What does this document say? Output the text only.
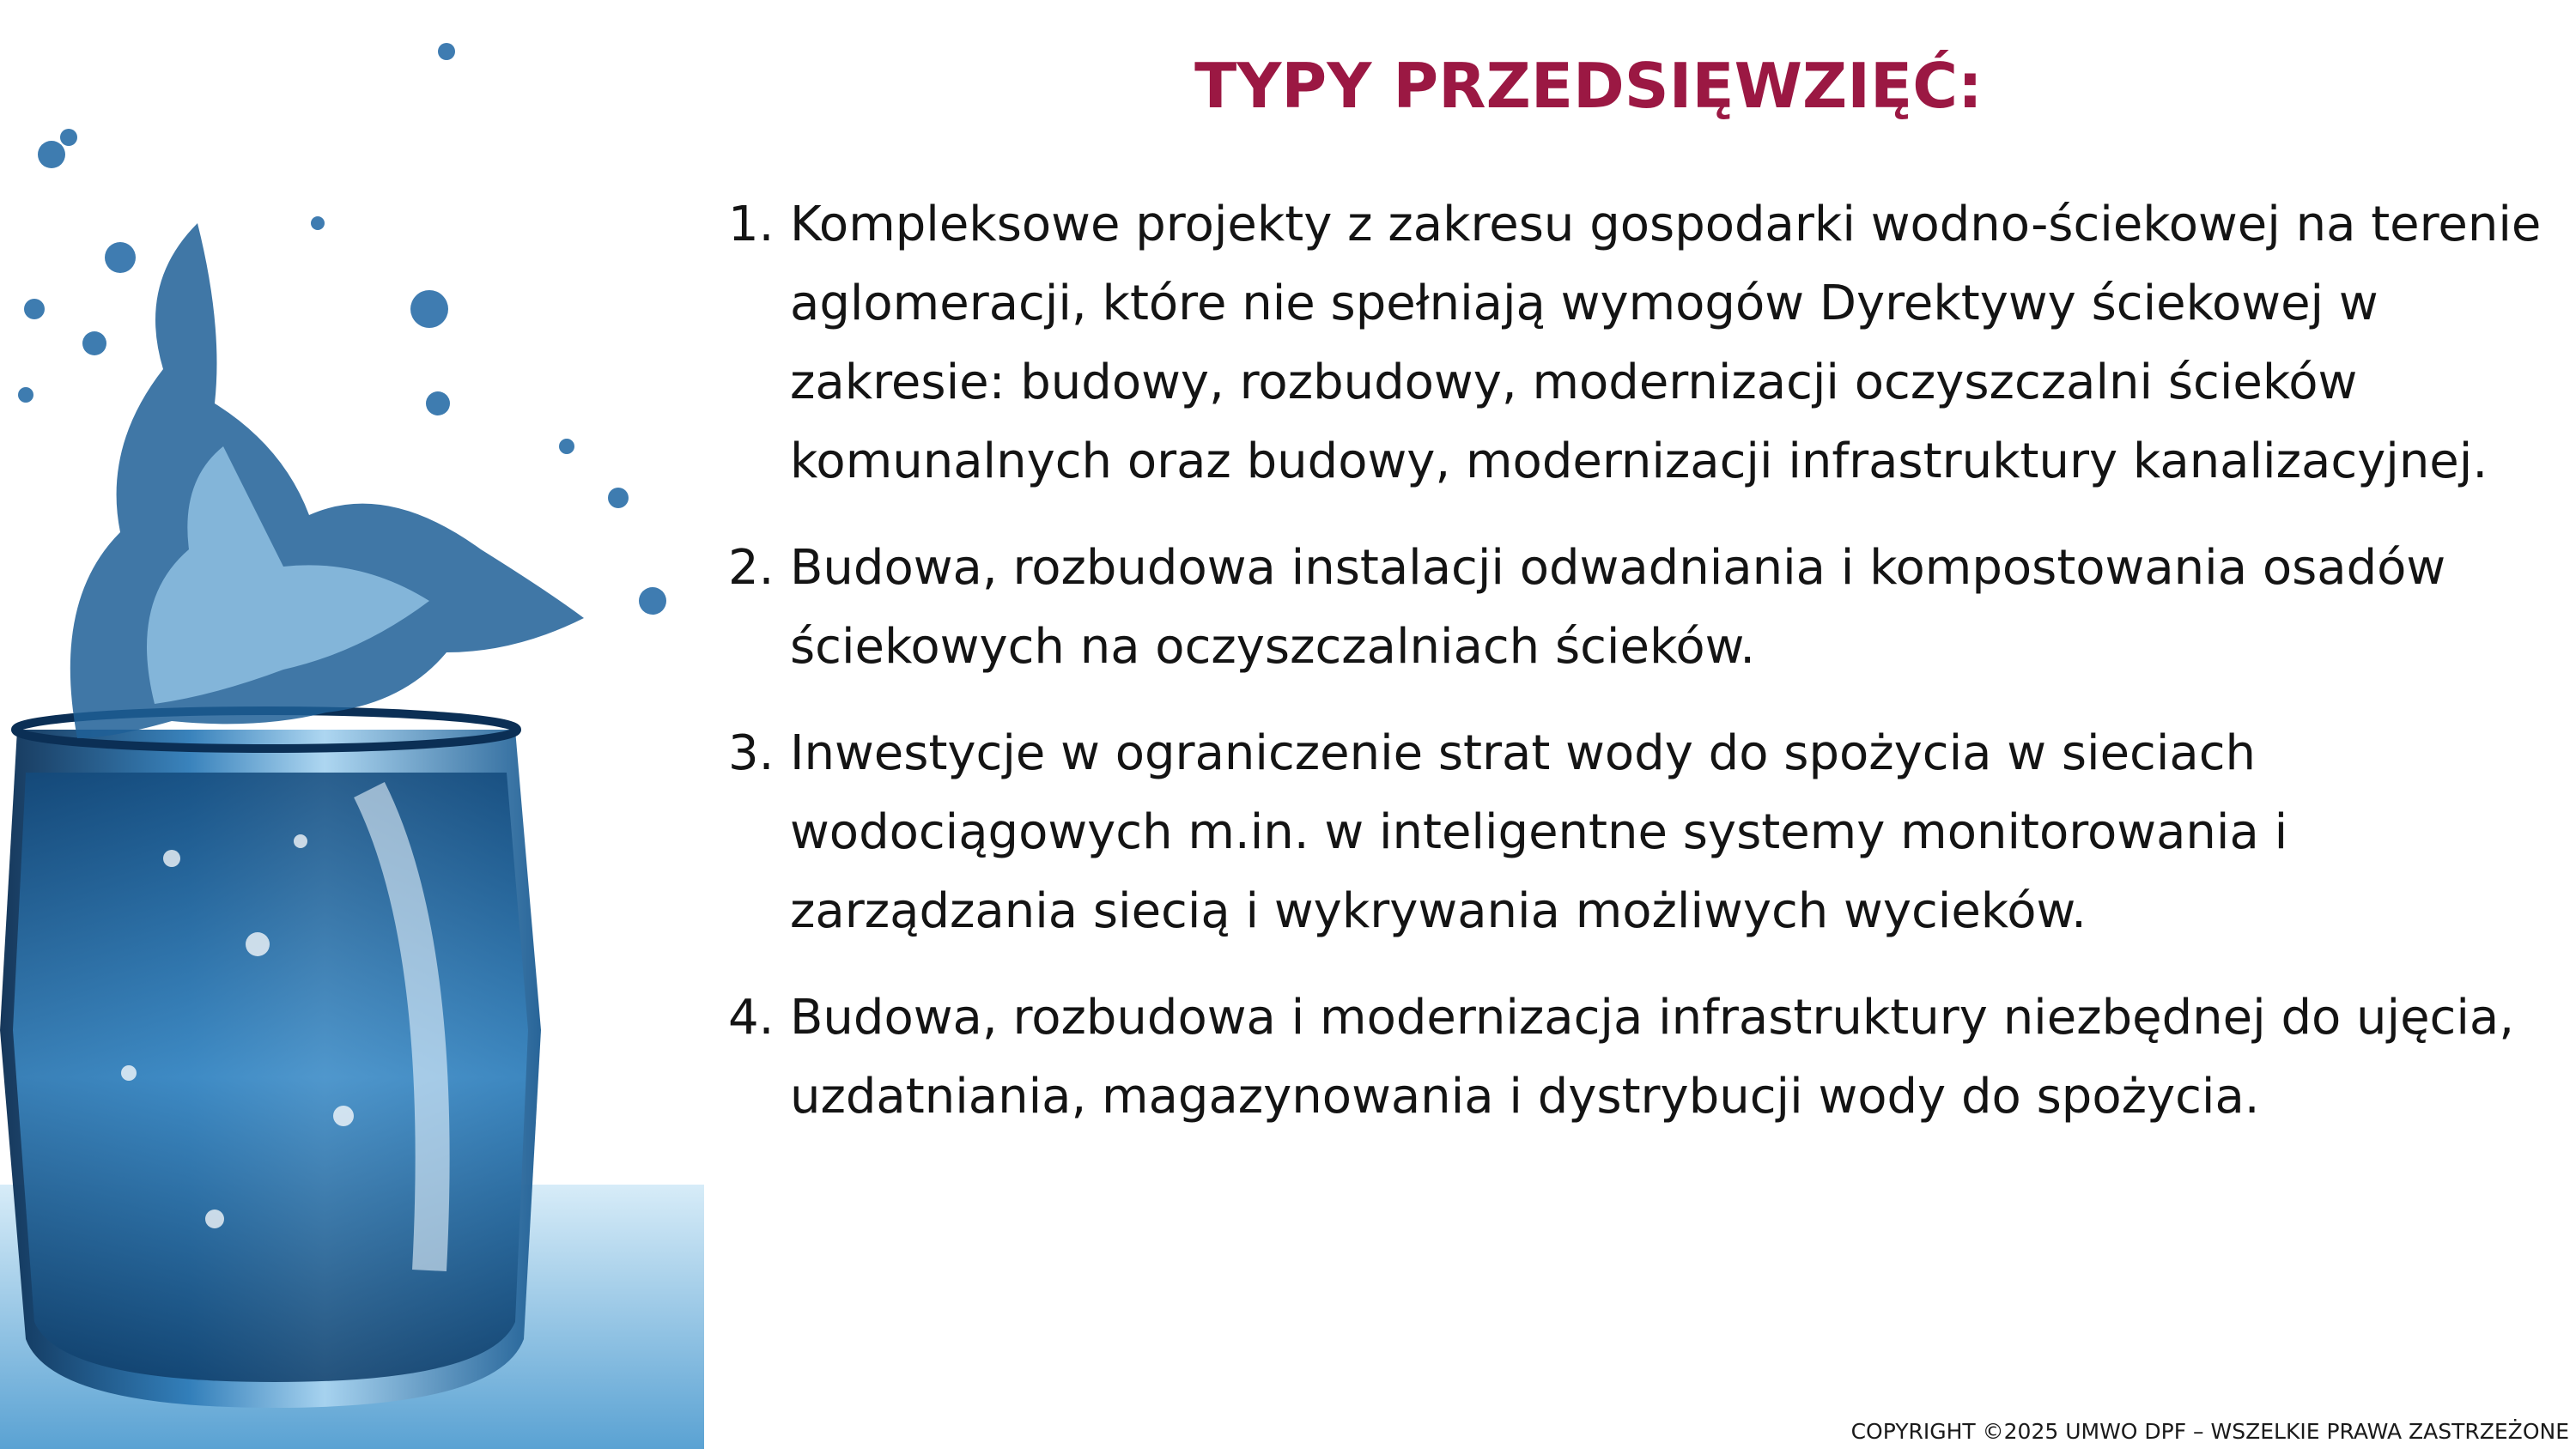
TYPY PRZEDSIĘWZIĘĆ:
1. Kompleksowe projekty z zakresu gospodarki wodno-ściekowej na terenie aglomeracji, które nie spełniają wymogów Dyrektywy ściekowej w zakresie: budowy, rozbudowy, modernizacji oczyszczalni ścieków komunalnych oraz budowy, modernizacji infrastruktury kanalizacyjnej.
2. Budowa, rozbudowa instalacji odwadniania i kompostowania osadów ściekowych na oczyszczalniach ścieków.
3. Inwestycje w ograniczenie strat wody do spożycia w sieciach wodociągowych m.in. w inteligentne systemy monitorowania i zarządzania siecią i wykrywania możliwych wycieków.
4. Budowa, rozbudowa i modernizacja infrastruktury niezbędnej do ujęcia, uzdatniania, magazynowania i dystrybucji wody do spożycia.
COPYRIGHT ©2025 UMWO DPF – WSZELKIE PRAWA ZASTRZEŻONE
